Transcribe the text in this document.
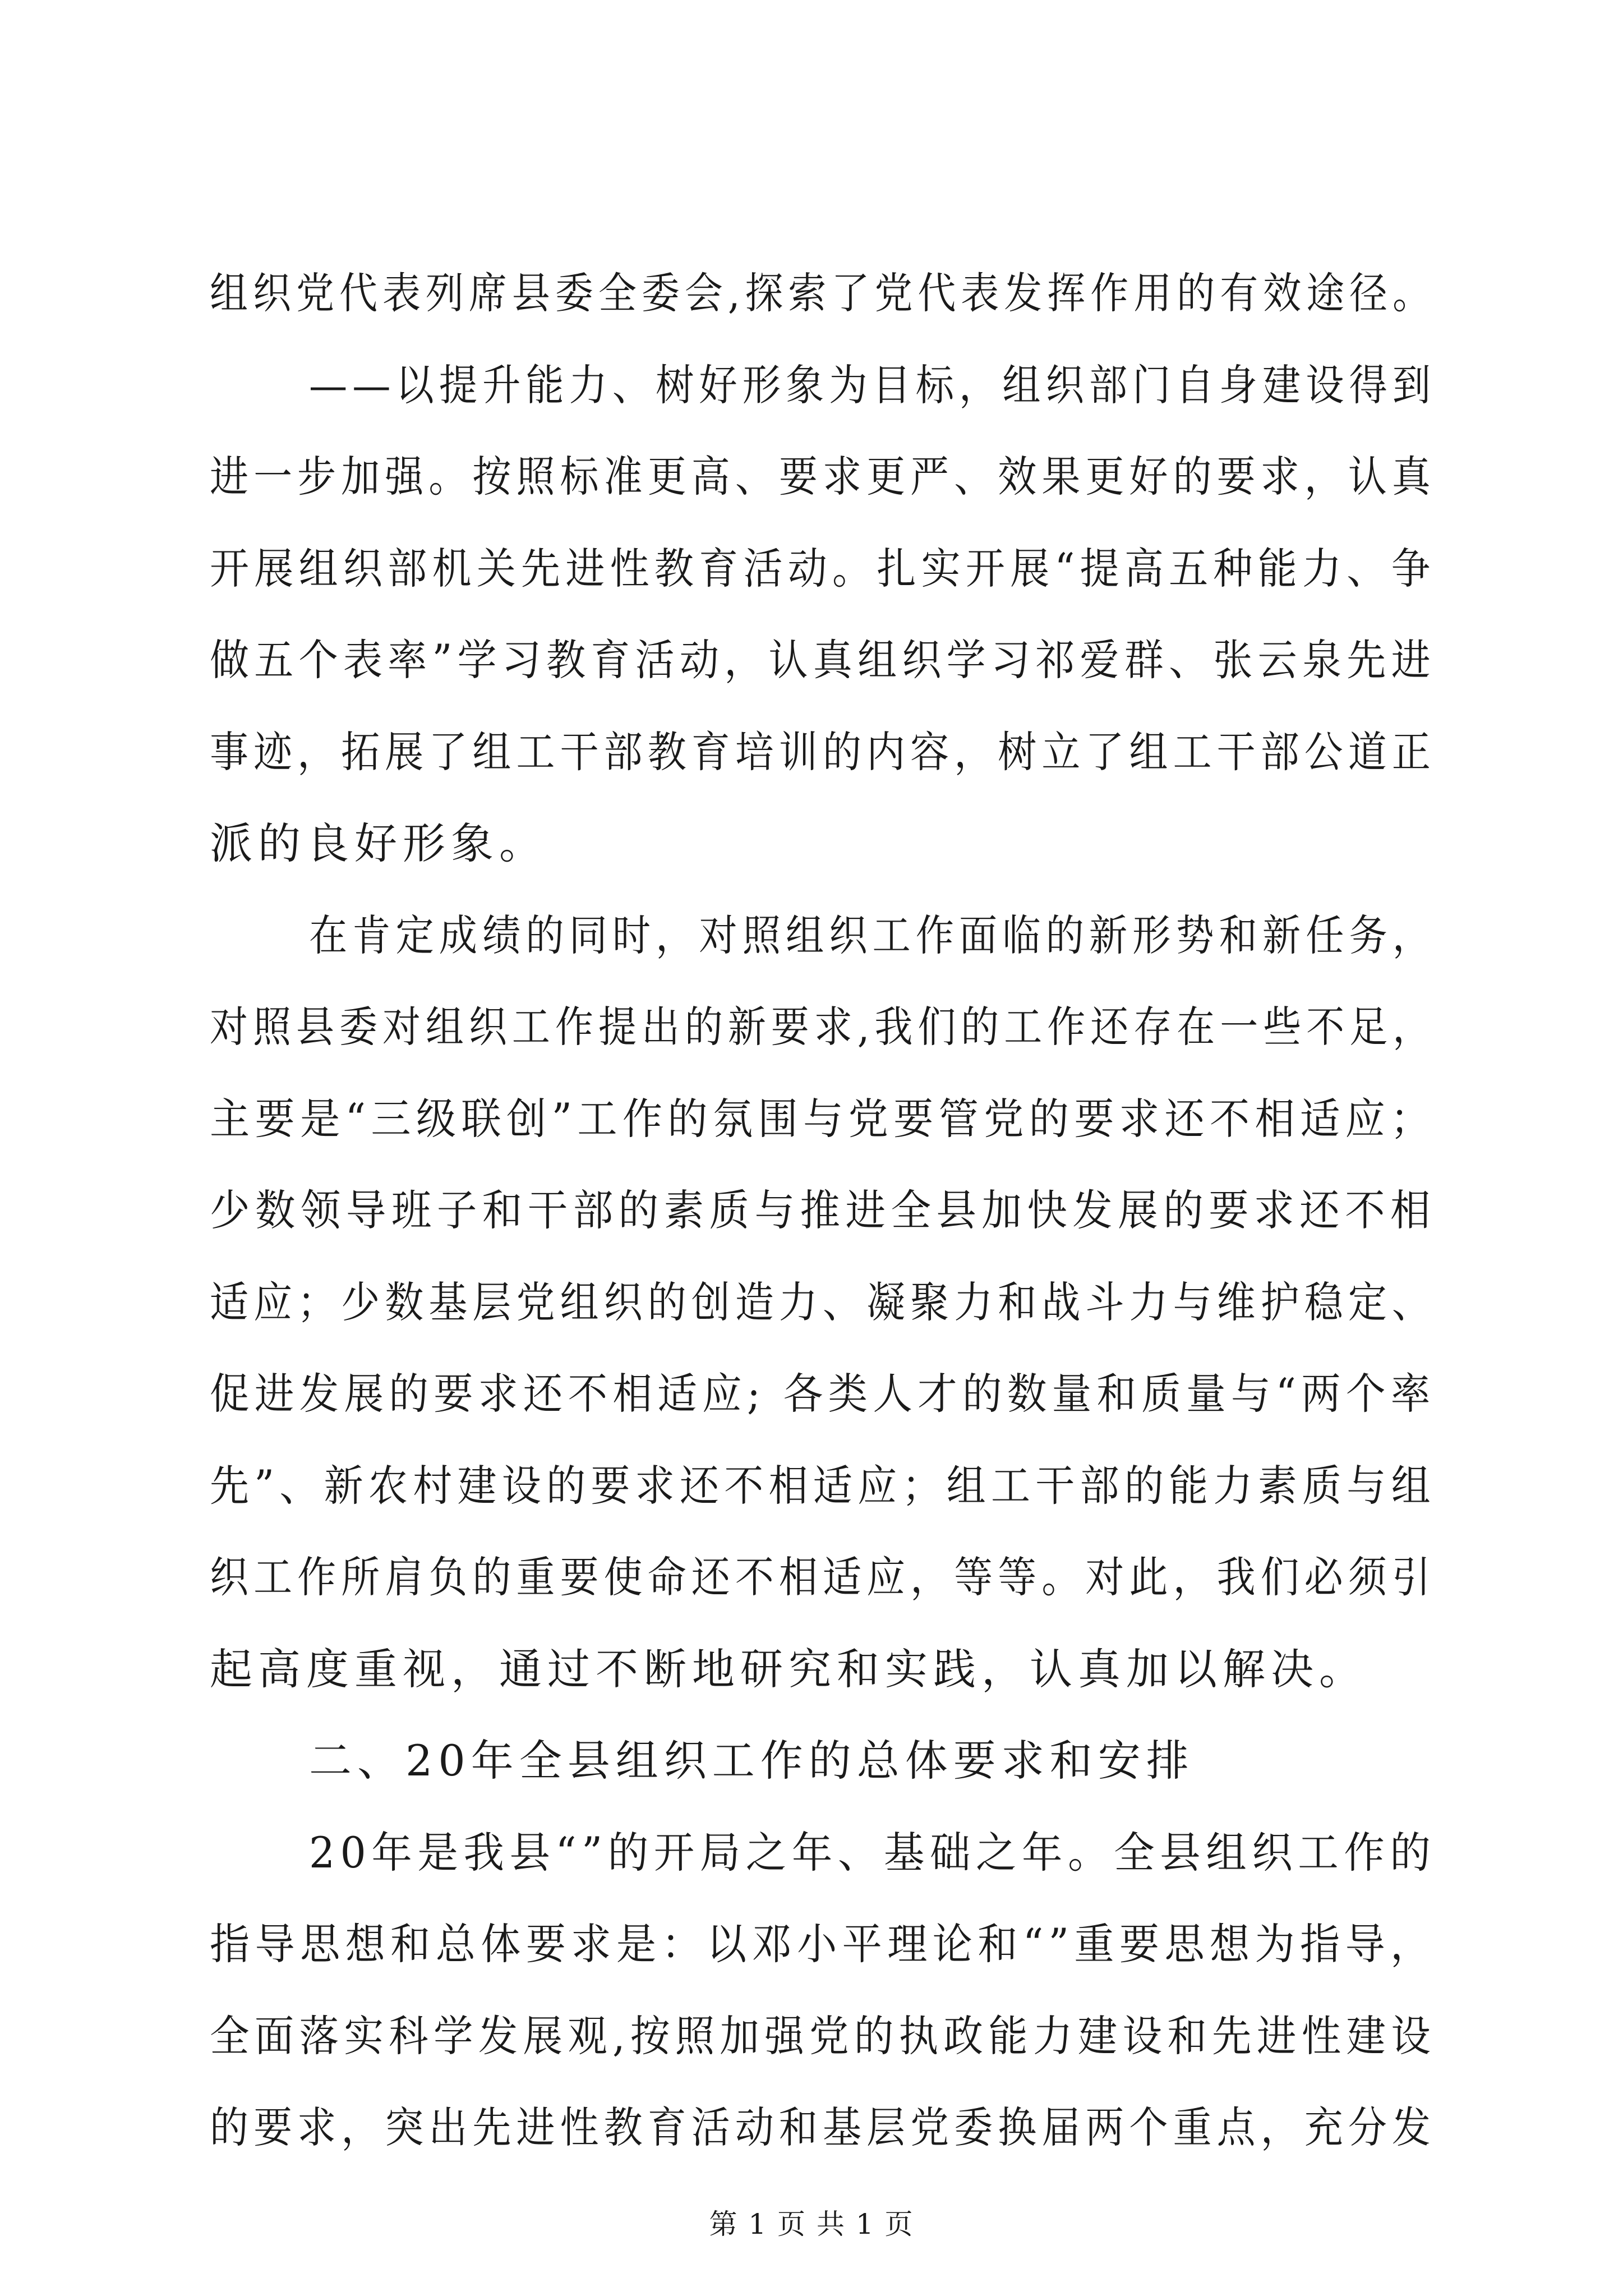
组织党代表列席县委全委会,探索了党代表发挥作用的有效途径。
——以提升能力、树好形象为目标，组织部门自身建设得到
进一步加强。按照标准更高、要求更严、效果更好的要求，认真
开展组织部机关先进性教育活动。扎实开展“提高五种能力、争
做五个表率”学习教育活动，认真组织学习祁爱群、张云泉先进
事迹，拓展了组工干部教育培训的内容，树立了组工干部公道正
派的良好形象。
在肯定成绩的同时，对照组织工作面临的新形势和新任务，
对照县委对组织工作提出的新要求,我们的工作还存在一些不足，
主要是“三级联创”工作的氛围与党要管党的要求还不相适应；
少数领导班子和干部的素质与推进全县加快发展的要求还不相
适应；少数基层党组织的创造力、凝聚力和战斗力与维护稳定、
促进发展的要求还不相适应; 各类人才的数量和质量与“两个率
先”、新农村建设的要求还不相适应；组工干部的能力素质与组
织工作所肩负的重要使命还不相适应，等等。对此，我们必须引
起高度重视，通过不断地研究和实践，认真加以解决。
二、20年全县组织工作的总体要求和安排
20年是我县“”的开局之年、基础之年。全县组织工作的
指导思想和总体要求是：以邓小平理论和“”重要思想为指导，
全面落实科学发展观,按照加强党的执政能力建设和先进性建设
的要求，突出先进性教育活动和基层党委换届两个重点，充分发
第 1 页 共 1 页
